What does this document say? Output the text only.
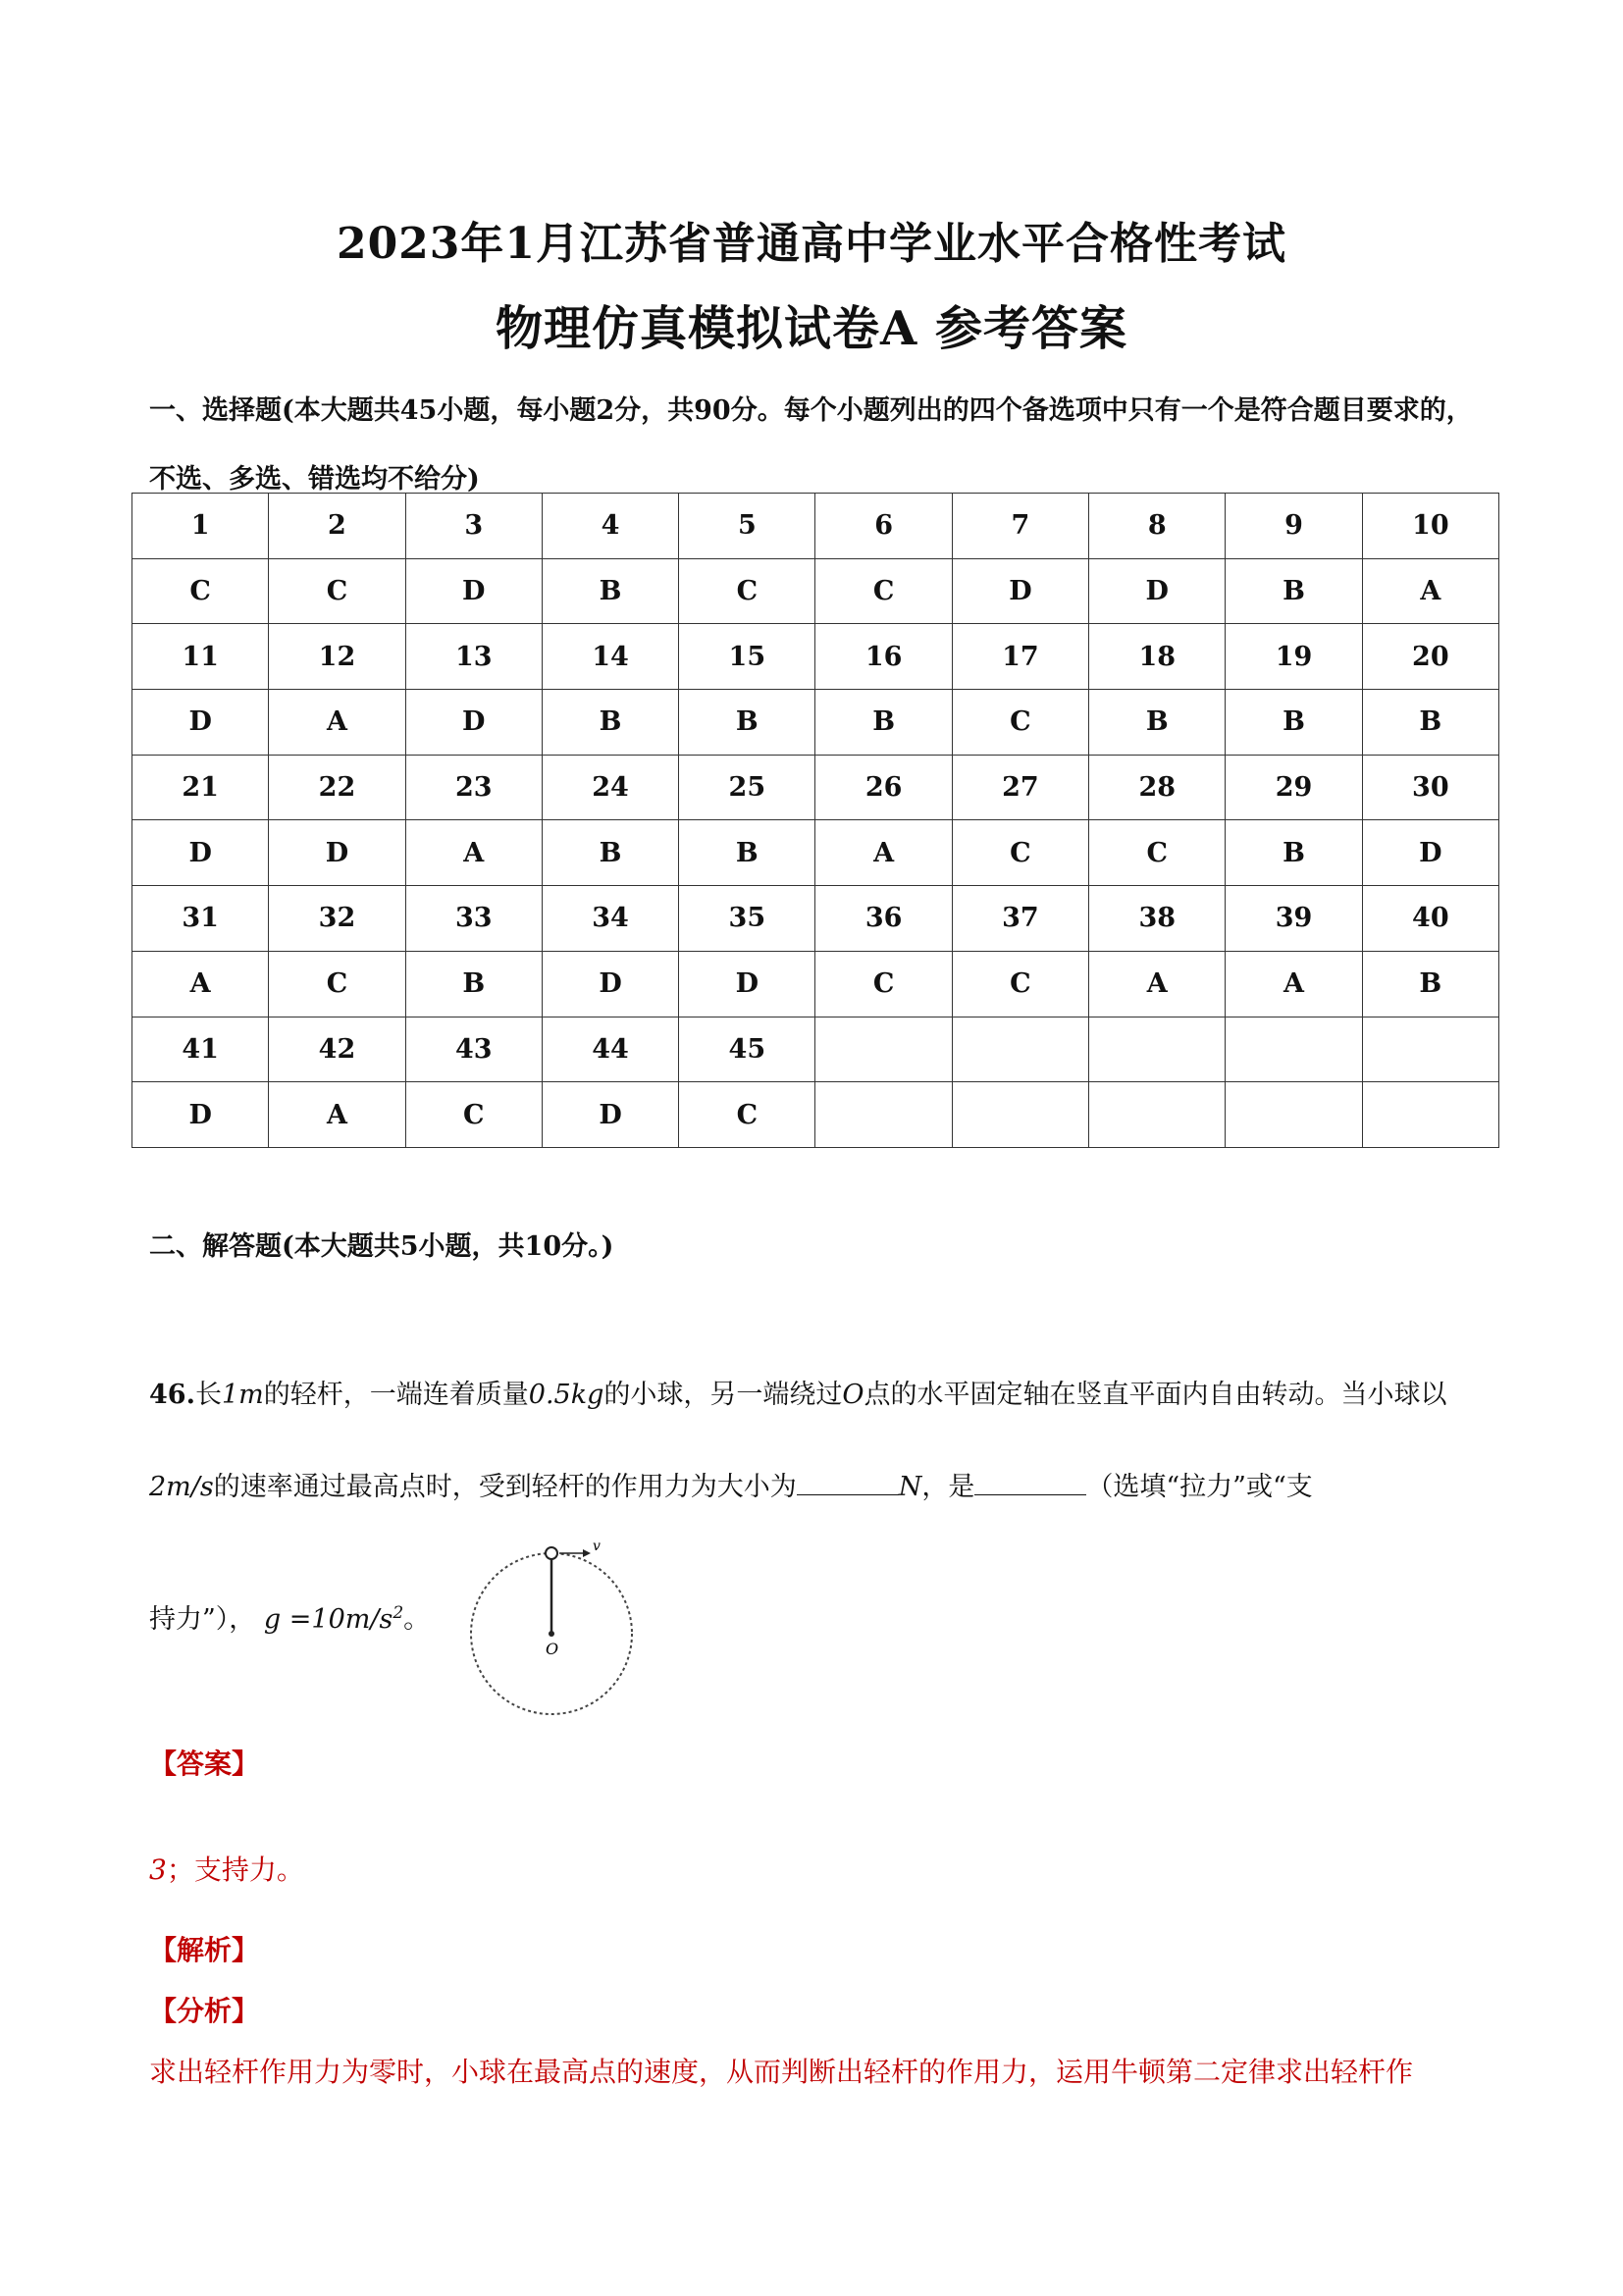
2023年1月江苏省普通高中学业水平合格性考试
物理仿真模拟试卷A 参考答案
一、选择题(本大题共45小题，每小题2分，共90分。每个小题列出的四个备选项中只有一个是符合题目要求的，不选、多选、错选均不给分)
1	2	3	4	5	6	7	8	9	10
C	C	D	B	C	C	D	D	B	A
11	12	13	14	15	16	17	18	19	20
D	A	D	B	B	B	C	B	B	B
21	22	23	24	25	26	27	28	29	30
D	D	A	B	B	A	C	C	B	D
31	32	33	34	35	36	37	38	39	40
A	C	B	D	D	C	C	A	A	B
41	42	43	44	45					
D	A	C	D	C					
二、解答题(本大题共5小题，共10分。)
46.长1m的轻杆，一端连着质量0.5kg的小球，另一端绕过O点的水平固定轴在竖直平面内自由转动。当小球以2m/s的速率通过最高点时，受到轻杆的作用力为大小为	N，是	（选填“拉力”或“支
持力”）， $g =10m/s^2$。
v
O
【答案】
3；支持力。
【解析】
【分析】
求出轻杆作用力为零时，小球在最高点的速度，从而判断出轻杆的作用力，运用牛顿第二定律求出轻杆作
